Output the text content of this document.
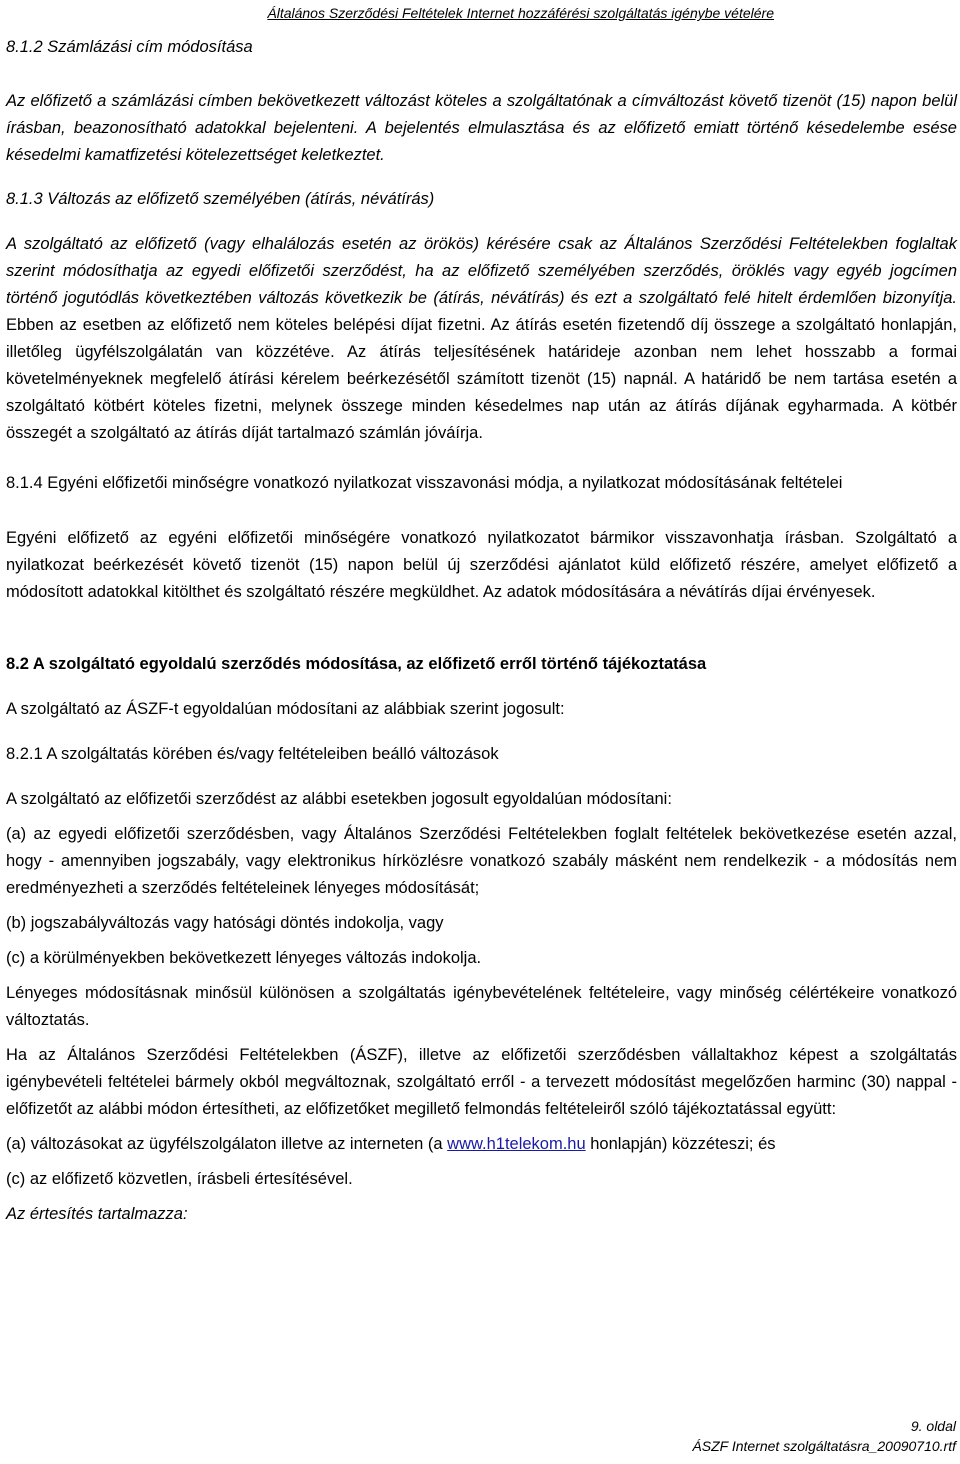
Általános Szerződési Feltételek Internet hozzáférési szolgáltatás igénybe vételére

8.1.2 Számlázási cím módosítása

Az előfizető a számlázási címben bekövetkezett változást köteles a szolgáltatónak a címváltozást követő tizenöt (15) napon belül írásban, beazonosítható adatokkal bejelenteni. A bejelentés elmulasztása és az előfizető emiatt történő késedelembe esése késedelmi kamatfizetési kötelezettséget keletkeztet.

8.1.3 Változás az előfizető személyében (átírás, névátírás)

A szolgáltató az előfizető (vagy elhalálozás esetén az örökös) kérésére csak az Általános Szerződési Feltételekben foglaltak szerint módosíthatja az egyedi előfizetői szerződést, ha az előfizető személyében szerződés, öröklés vagy egyéb jogcímen történő jogutódlás következtében változás következik be (átírás, névátírás) és ezt a szolgáltató felé hitelt érdemlően bizonyítja. Ebben az esetben az előfizető nem köteles belépési díjat fizetni. Az átírás esetén fizetendő díj összege a szolgáltató honlapján, illetőleg ügyfélszolgálatán van közzétéve. Az átírás teljesítésének határideje azonban nem lehet hosszabb a formai követelményeknek megfelelő átírási kérelem beérkezésétől számított tizenöt (15) napnál. A határidő be nem tartása esetén a szolgáltató kötbért köteles fizetni, melynek összege minden késedelmes nap után az átírás díjának egyharmada. A kötbér összegét a szolgáltató az átírás díját tartalmazó számlán jóváírja.

8.1.4 Egyéni előfizetői minőségre vonatkozó nyilatkozat visszavonási módja, a nyilatkozat módosításának feltételei

Egyéni előfizető az egyéni előfizetői minőségére vonatkozó nyilatkozatot bármikor visszavonhatja írásban. Szolgáltató a nyilatkozat beérkezését követő tizenöt (15) napon belül új szerződési ajánlatot küld előfizető részére, amelyet előfizető a módosított adatokkal kitölthet és szolgáltató részére megküldhet. Az adatok módosítására a névátírás díjai érvényesek.

8.2 A szolgáltató egyoldalú szerződés módosítása, az előfizető erről történő tájékoztatása

A szolgáltató az ÁSZF-t egyoldalúan módosítani az alábbiak szerint jogosult:

8.2.1 A szolgáltatás körében és/vagy feltételeiben beálló változások

A szolgáltató az előfizetői szerződést az alábbi esetekben jogosult egyoldalúan módosítani:

(a) az egyedi előfizetői szerződésben, vagy Általános Szerződési Feltételekben foglalt feltételek bekövetkezése esetén azzal, hogy - amennyiben jogszabály, vagy elektronikus hírközlésre vonatkozó szabály másként nem rendelkezik - a módosítás nem eredményezheti a szerződés feltételeinek lényeges módosítását;

(b) jogszabályváltozás vagy hatósági döntés indokolja, vagy

(c) a körülményekben bekövetkezett lényeges változás indokolja.

Lényeges módosításnak minősül különösen a szolgáltatás igénybevételének feltételeire, vagy minőség célértékeire vonatkozó változtatás.

Ha az Általános Szerződési Feltételekben (ÁSZF), illetve az előfizetői szerződésben vállaltakhoz képest a szolgáltatás igénybevételi feltételei bármely okból megváltoznak, szolgáltató erről - a tervezett módosítást megelőzően harminc (30) nappal - előfizetőt az alábbi módon értesítheti, az előfizetőket megillető felmondás feltételeiről szóló tájékoztatással együtt:

(a) változásokat az ügyfélszolgálaton illetve az interneten (a www.h1telekom.hu honlapján) közzéteszi; és

(c) az előfizető közvetlen, írásbeli értesítésével.

Az értesítés tartalmazza:

9. oldal
ÁSZF Internet szolgáltatásra_20090710.rtf
